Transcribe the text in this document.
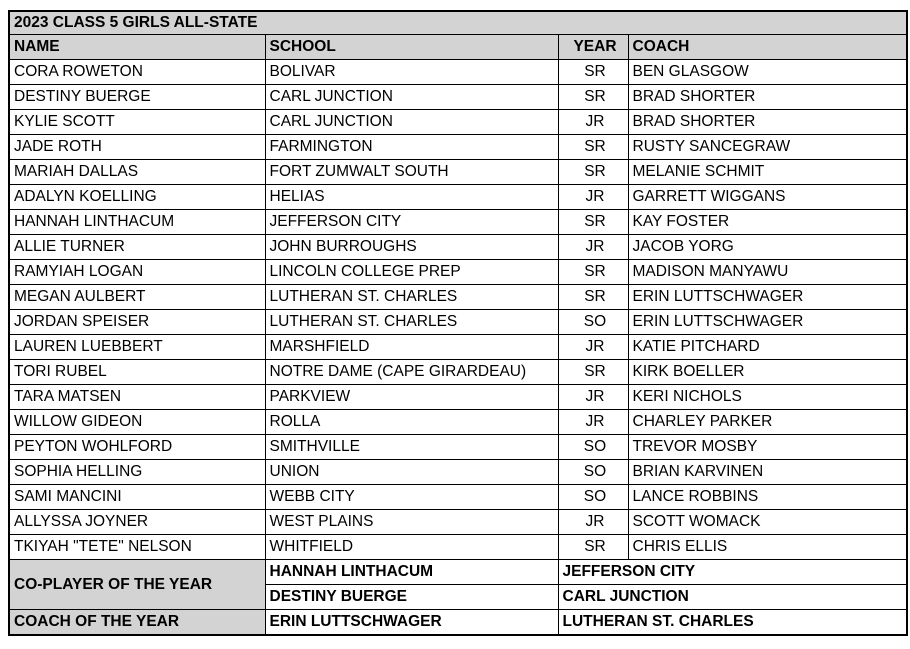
2023 CLASS 5 GIRLS ALL-STATE			
NAME	SCHOOL	YEAR	COACH
CORA ROWETON	BOLIVAR	SR	BEN GLASGOW
DESTINY BUERGE	CARL JUNCTION	SR	BRAD SHORTER
KYLIE SCOTT	CARL JUNCTION	JR	BRAD SHORTER
JADE ROTH	FARMINGTON	SR	RUSTY SANCEGRAW
MARIAH DALLAS	FORT ZUMWALT SOUTH	SR	MELANIE SCHMIT
ADALYN KOELLING	HELIAS	JR	GARRETT WIGGANS
HANNAH LINTHACUM	JEFFERSON CITY	SR	KAY FOSTER
ALLIE TURNER	JOHN BURROUGHS	JR	JACOB YORG
RAMYIAH LOGAN	LINCOLN COLLEGE PREP	SR	MADISON MANYAWU
MEGAN AULBERT	LUTHERAN ST. CHARLES	SR	ERIN LUTTSCHWAGER
JORDAN SPEISER	LUTHERAN ST. CHARLES	SO	ERIN LUTTSCHWAGER
LAUREN LUEBBERT	MARSHFIELD	JR	KATIE PITCHARD
TORI RUBEL	NOTRE DAME (CAPE GIRARDEAU)	SR	KIRK BOELLER
TARA MATSEN	PARKVIEW	JR	KERI NICHOLS
WILLOW GIDEON	ROLLA	JR	CHARLEY PARKER
PEYTON WOHLFORD	SMITHVILLE	SO	TREVOR MOSBY
SOPHIA HELLING	UNION	SO	BRIAN KARVINEN
SAMI MANCINI	WEBB CITY	SO	LANCE ROBBINS
ALLYSSA JOYNER	WEST PLAINS	JR	SCOTT WOMACK
TKIYAH "TETE" NELSON	WHITFIELD	SR	CHRIS ELLIS
CO-PLAYER OF THE YEAR	HANNAH LINTHACUM	JEFFERSON CITY	
	DESTINY BUERGE	CARL JUNCTION	
COACH OF THE YEAR	ERIN LUTTSCHWAGER	LUTHERAN ST. CHARLES	
